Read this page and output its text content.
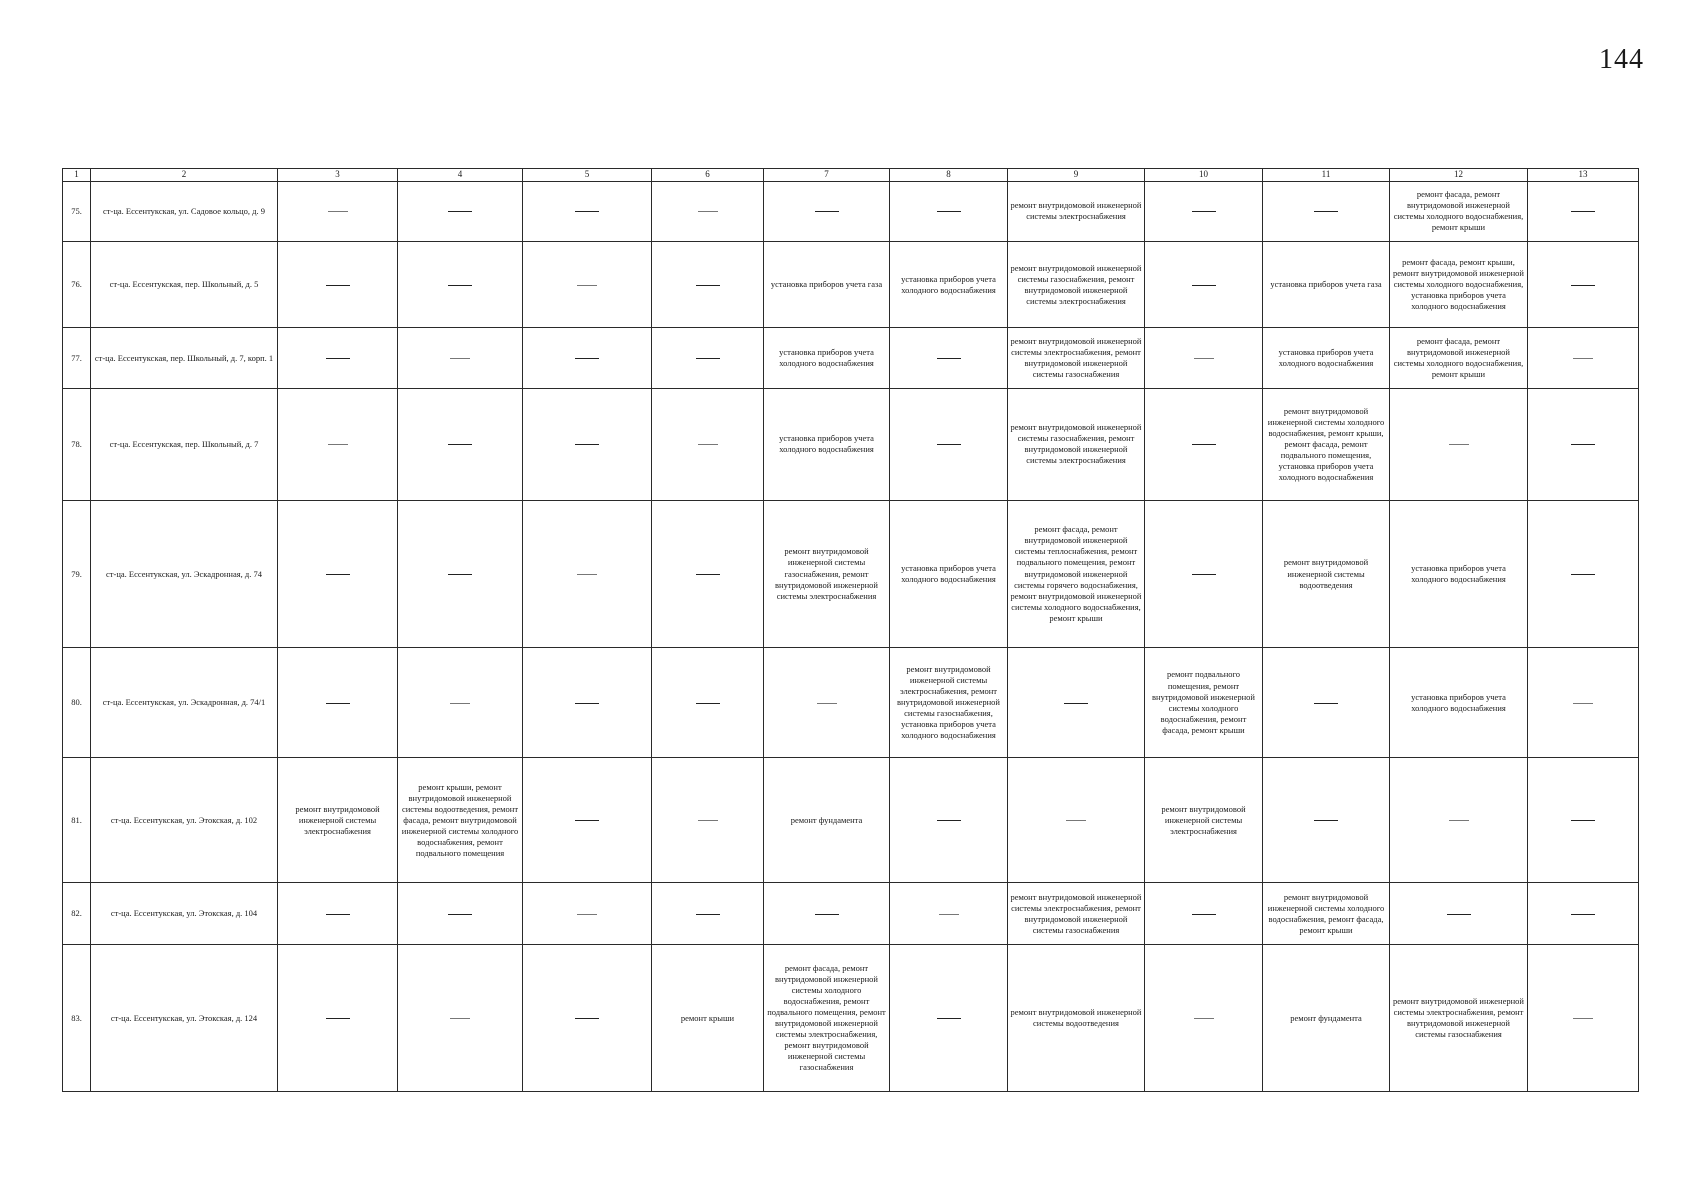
144
1	2	3	4	5	6	7	8	9	10	11	12	13
75.	ст-ца. Ессентукская, ул. Садовое кольцо, д. 9							ремонт внутридомовой инженерной системы электроснабжения			ремонт фасада, ремонт внутридомовой инженерной системы холодного водоснабжения, ремонт крыши	
76.	ст-ца. Ессентукская, пер. Школьный, д. 5					установка приборов учета газа	установка приборов учета холодного водоснабжения	ремонт внутридомовой инженерной системы газоснабжения, ремонт внутридомовой инженерной системы электроснабжения		установка приборов учета газа	ремонт фасада, ремонт крыши, ремонт внутридомовой инженерной системы холодного водоснабжения, установка приборов учета холодного водоснабжения	
77.	ст-ца. Ессентукская, пер. Школьный, д. 7, корп. 1					установка приборов учета холодного водоснабжения		ремонт внутридомовой инженерной системы электроснабжения, ремонт внутридомовой инженерной системы газоснабжения		установка приборов учета холодного водоснабжения	ремонт фасада, ремонт внутридомовой инженерной системы холодного водоснабжения, ремонт крыши	
78.	ст-ца. Ессентукская, пер. Школьный, д. 7					установка приборов учета холодного водоснабжения		ремонт внутридомовой инженерной системы газоснабжения, ремонт внутридомовой инженерной системы электроснабжения		ремонт внутридомовой инженерной системы холодного водоснабжения, ремонт крыши, ремонт фасада, ремонт подвального помещения, установка приборов учета холодного водоснабжения		
79.	ст-ца. Ессентукская, ул. Эскадронная, д. 74					ремонт внутридомовой инженерной системы газоснабжения, ремонт внутридомовой инженерной системы электроснабжения	установка приборов учета холодного водоснабжения	ремонт фасада, ремонт внутридомовой инженерной системы теплоснабжения, ремонт подвального помещения, ремонт внутридомовой инженерной системы горячего водоснабжения, ремонт внутридомовой инженерной системы холодного водоснабжения, ремонт крыши		ремонт внутридомовой инженерной системы водоотведения	установка приборов учета холодного водоснабжения	
80.	ст-ца. Ессентукская, ул. Эскадронная, д. 74/1						ремонт внутридомовой инженерной системы электроснабжения, ремонт внутридомовой инженерной системы газоснабжения, установка приборов учета холодного водоснабжения		ремонт подвального помещения, ремонт внутридомовой инженерной системы холодного водоснабжения, ремонт фасада, ремонт крыши		установка приборов учета холодного водоснабжения	
81.	ст-ца. Ессентукская, ул. Этокская, д. 102	ремонт внутридомовой инженерной системы электроснабжения	ремонт крыши, ремонт внутридомовой инженерной системы водоотведения, ремонт фасада, ремонт внутридомовой инженерной системы холодного водоснабжения, ремонт подвального помещения			ремонт фундамента			ремонт внутридомовой инженерной системы электроснабжения			
82.	ст-ца. Ессентукская, ул. Этокская, д. 104							ремонт внутридомовой инженерной системы электроснабжения, ремонт внутридомовой инженерной системы газоснабжения		ремонт внутридомовой инженерной системы холодного водоснабжения, ремонт фасада, ремонт крыши		
83.	ст-ца. Ессентукская, ул. Этокская, д. 124				ремонт крыши	ремонт фасада, ремонт внутридомовой инженерной системы холодного водоснабжения, ремонт подвального помещения, ремонт внутридомовой инженерной системы электроснабжения, ремонт внутридомовой инженерной системы газоснабжения		ремонт внутридомовой инженерной системы водоотведения		ремонт фундамента	ремонт внутридомовой инженерной системы электроснабжения, ремонт внутридомовой инженерной системы газоснабжения	
